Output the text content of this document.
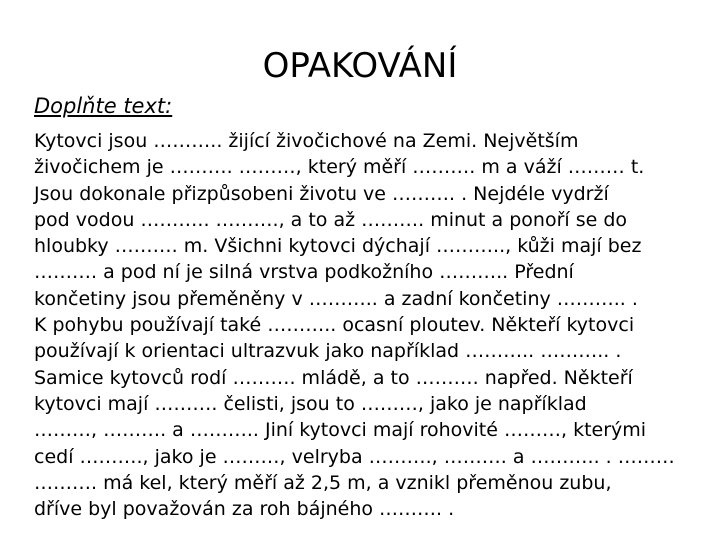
OPAKOVÁNÍ
Doplňte text:
Kytovci jsou ……….. žijící živočichové na Zemi. Největším
živočichem je ………. ………, který měří ………. m a váží ……… t.
Jsou dokonale přizpůsobeni životu ve ………. . Nejdéle vydrží
pod vodou ……….. ………., a to až ………. minut a ponoří se do
hloubky ………. m. Všichni kytovci dýchají ……….., kůži mají bez
………. a pod ní je silná vrstva podkožního ……….. Přední
končetiny jsou přeměněny v ……….. a zadní končetiny ……….. .
K pohybu používají také ……….. ocasní ploutev. Někteří kytovci
používají k orientaci ultrazvuk jako například ……….. ……….. .
Samice kytovců rodí ………. mládě, a to ………. napřed. Někteří
kytovci mají ………. čelisti, jsou to ………, jako je například
………, ………. a ……….. Jiní kytovci mají rohovité ………, kterými
cedí ………., jako je ………, velryba ………., ………. a ……….. . ………
………. má kel, který měří až 2,5 m, a vznikl přeměnou zubu,
dříve byl považován za roh bájného ………. .
